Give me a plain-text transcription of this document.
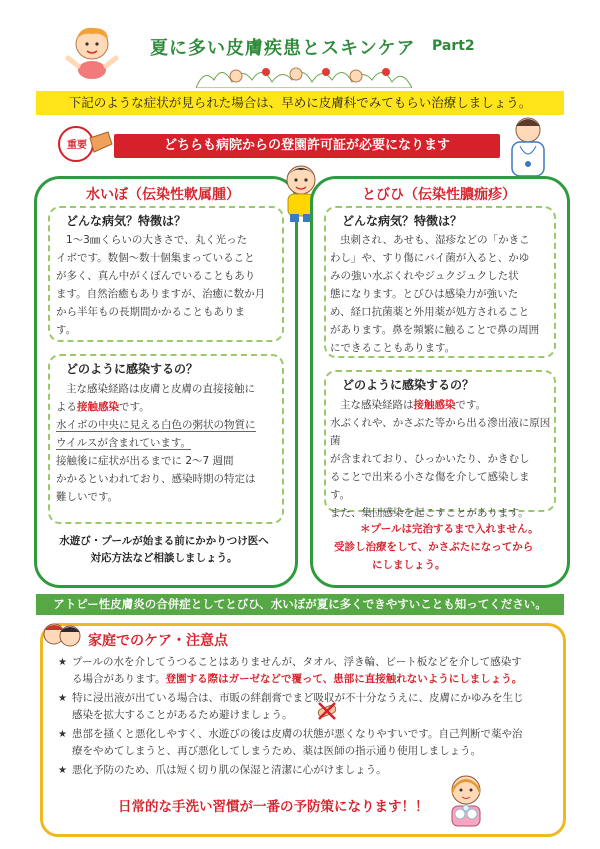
夏に多い皮膚疾患とスキンケア Part2
下記のような症状が見られた場合は、早めに皮膚科でみてもらい治療しましょう。
重要	どちらも病院からの登園許可証が必要になります
水いぼ（伝染性軟属腫）
どんな病気？特徴は？
1～3㎜くらいの大きさで、丸く光った
イボです。数個～数十個集まっていること
が多く、真ん中がくぼんでいることもあり
ます。自然治癒もありますが、治癒に数か月
から半年もの長期間かかることもありま
す。
どのように感染するの？
主な感染経路は皮膚と皮膚の直接接触に
よる接触感染です。
水イボの中央に見える白色の粥状の物質に
ウイルスが含まれています。
接触後に症状が出るまでに 2～7 週間
かかるといわれており、感染時期の特定は
難しいです。
水遊び・プールが始まる前にかかりつけ医へ
対応方法など相談しましょう。
とびひ（伝染性膿痂疹）
どんな病気？特徴は？
虫刺され、あせも、湿疹などの「かきこ
わし」や、すり傷にバイ菌が入ると、かゆ
みの強い水ぶくれやジュクジュクした状
態になります。とびひは感染力が強いた
め、経口抗菌薬と外用薬が処方されること
があります。鼻を頻繁に触ることで鼻の周囲
にできることもあります。
どのように感染するの？
主な感染経路は接触感染です。
水ぶくれや、かさぶた等から出る滲出液に原因菌
が含まれており、ひっかいたり、かきむし
ることで出来る小さな傷を介して感染しま
す。
また、集団感染を起こすことがあります。
＊プールは完治するまで入れません。
受診し治療をして、かさぶたになってから
にしましょう。
アトピー性皮膚炎の合併症としてとびひ、水いぼが夏に多くできやすいことも知ってください。
家庭でのケア・注意点
★ プールの水を介してうつることはありませんが、タオル、浮き輪、ビート板などを介して感染す
る場合があります。登園する際はガーゼなどで覆って、患部に直接触れないようにしましょう。
★ 特に浸出液が出ている場合は、市販の絆創膏でまど吸収が不十分なうえに、皮膚にかゆみを生じ
感染を拡大することがあるため避けましょう。
★ 患部を掻くと悪化しやすく、水遊びの後は皮膚の状態が悪くなりやすいです。自己判断で薬や治
療をやめてしまうと、再び悪化してしまうため、薬は医師の指示通り使用しましょう。
★ 悪化予防のため、爪は短く切り肌の保湿と清潔に心がけましょう。
日常的な手洗い習慣が一番の予防策になります！！
